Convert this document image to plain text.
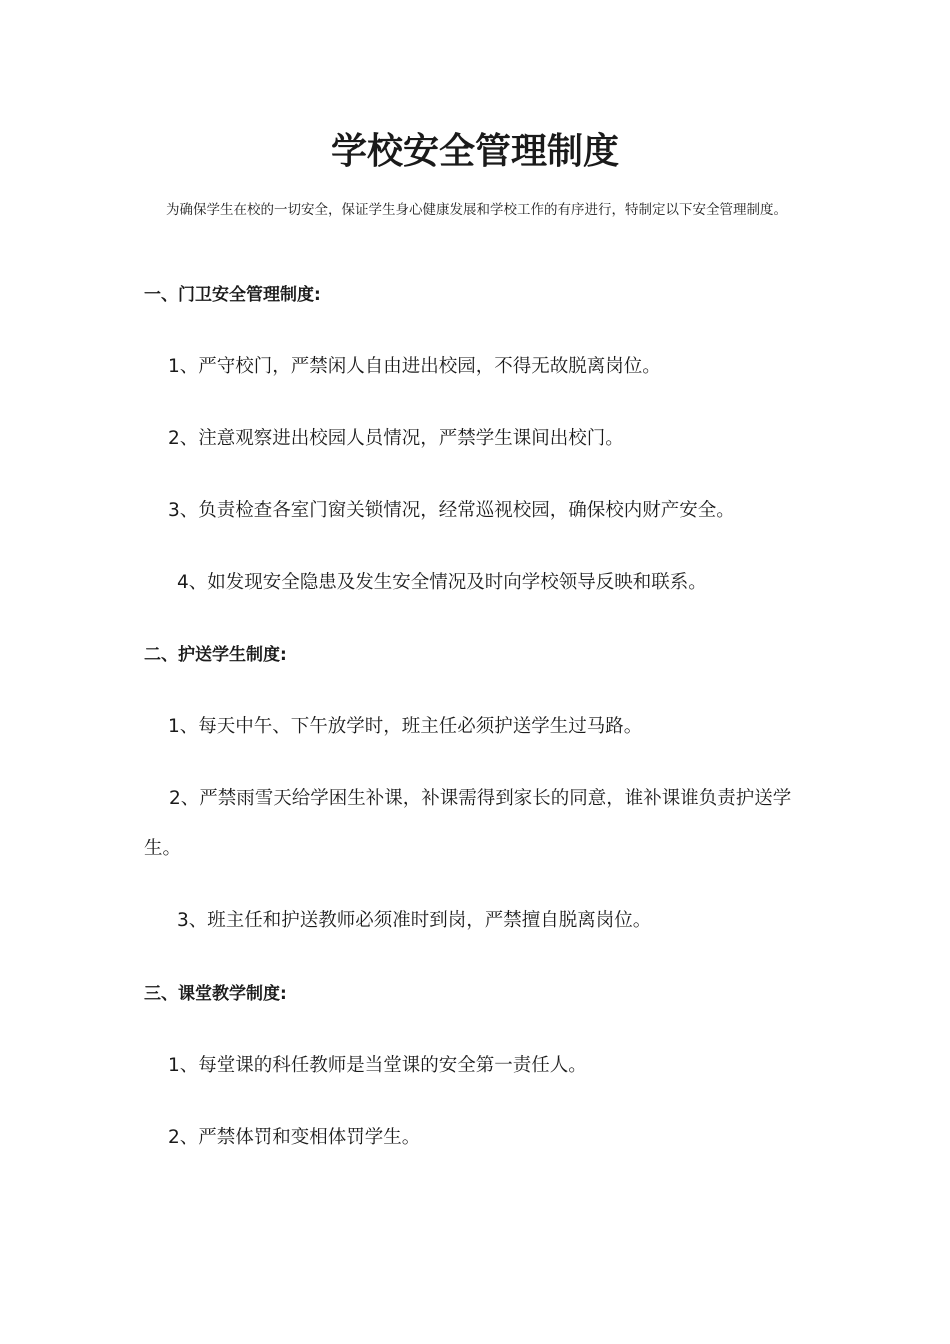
学校安全管理制度
为确保学生在校的一切安全，保证学生身心健康发展和学校工作的有序进行，特制定以下安全管理制度。
一、门卫安全管理制度:
1、严守校门，严禁闲人自由进出校园，不得无故脱离岗位。
2、注意观察进出校园人员情况，严禁学生课间出校门。
3、负责检查各室门窗关锁情况，经常巡视校园，确保校内财产安全。
4、如发现安全隐患及发生安全情况及时向学校领导反映和联系。
二、护送学生制度:
1、每天中午、下午放学时，班主任必须护送学生过马路。
2、严禁雨雪天给学困生补课，补课需得到家长的同意，谁补课谁负责护送学生。
3、班主任和护送教师必须准时到岗，严禁擅自脱离岗位。
三、课堂教学制度:
1、每堂课的科任教师是当堂课的安全第一责任人。
2、严禁体罚和变相体罚学生。
